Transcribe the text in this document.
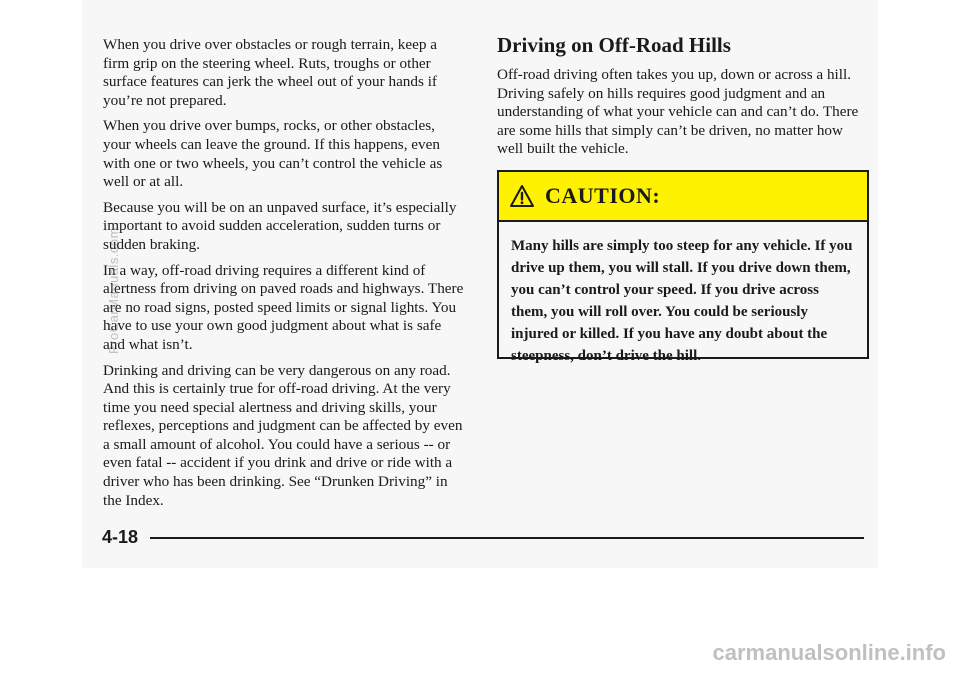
When you drive over obstacles or rough terrain, keep a firm grip on the steering wheel. Ruts, troughs or other surface features can jerk the wheel out of your hands if you’re not prepared.

When you drive over bumps, rocks, or other obstacles, your wheels can leave the ground. If this happens, even with one or two wheels, you can’t control the vehicle as well or at all.

Because you will be on an unpaved surface, it’s especially important to avoid sudden acceleration, sudden turns or sudden braking.

In a way, off-road driving requires a different kind of alertness from driving on paved roads and highways. There are no road signs, posted speed limits or signal lights. You have to use your own good judgment about what is safe and what isn’t.

Drinking and driving can be very dangerous on any road. And this is certainly true for off-road driving. At the very time you need special alertness and driving skills, your reflexes, perceptions and judgment can be affected by even a small amount of alcohol. You could have a serious -- or even fatal -- accident if you drink and drive or ride with a driver who has been drinking. See “Drunken Driving” in the Index.

ProCarManuals.com
Driving on Off-Road Hills

Off-road driving often takes you up, down or across a hill. Driving safely on hills requires good judgment and an understanding of what your vehicle can and can’t do. There are some hills that simply can’t be driven, no matter how well built the vehicle.

CAUTION:
Many hills are simply too steep for any vehicle. If you drive up them, you will stall. If you drive down them, you can’t control your speed. If you drive across them, you will roll over. You could be seriously injured or killed. If you have any doubt about the steepness, don’t drive the hill.
4-18
carmanualsonline.info
